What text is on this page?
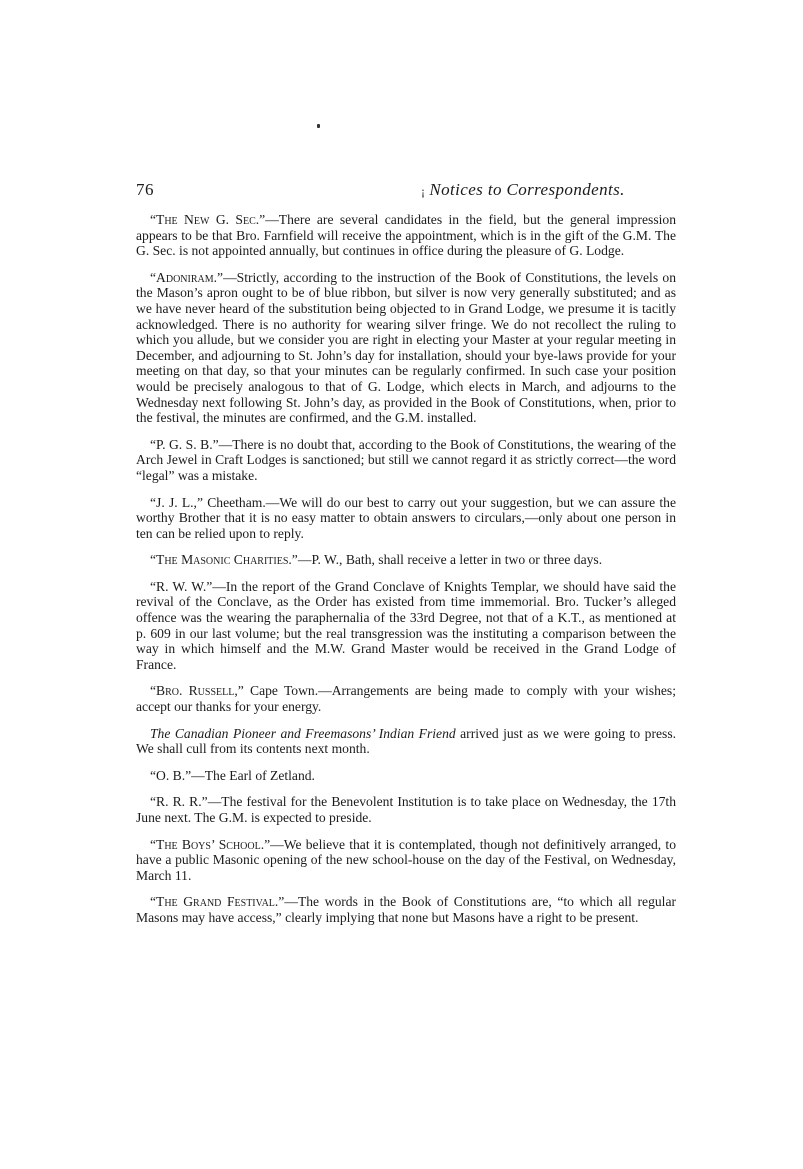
76	¡ Notices to Correspondents.

“The New G. Sec.”—There are several candidates in the field, but the general impression appears to be that Bro. Farnfield will receive the appointment, which is in the gift of the G.M. The G. Sec. is not appointed annually, but continues in office during the pleasure of G. Lodge.

“Adoniram.”—Strictly, according to the instruction of the Book of Constitutions, the levels on the Mason’s apron ought to be of blue ribbon, but silver is now very generally substituted; and as we have never heard of the substitution being objected to in Grand Lodge, we presume it is tacitly acknowledged. There is no authority for wearing silver fringe. We do not recollect the ruling to which you allude, but we consider you are right in electing your Master at your regular meeting in December, and adjourning to St. John’s day for installation, should your bye-laws provide for your meeting on that day, so that your minutes can be regularly confirmed. In such case your position would be precisely analogous to that of G. Lodge, which elects in March, and adjourns to the Wednesday next following St. John’s day, as provided in the Book of Constitutions, when, prior to the festival, the minutes are confirmed, and the G.M. installed.

“P. G. S. B.”—There is no doubt that, according to the Book of Constitutions, the wearing of the Arch Jewel in Craft Lodges is sanctioned; but still we cannot regard it as strictly correct—the word “legal” was a mistake.

“J. J. L.,” Cheetham.—We will do our best to carry out your suggestion, but we can assure the worthy Brother that it is no easy matter to obtain answers to circulars,—only about one person in ten can be relied upon to reply.

“The Masonic Charities.”—P. W., Bath, shall receive a letter in two or three days.

“R. W. W.”—In the report of the Grand Conclave of Knights Templar, we should have said the revival of the Conclave, as the Order has existed from time immemorial. Bro. Tucker’s alleged offence was the wearing the paraphernalia of the 33rd Degree, not that of a K.T., as mentioned at p. 609 in our last volume; but the real transgression was the instituting a comparison between the way in which himself and the M.W. Grand Master would be received in the Grand Lodge of France.

“Bro. Russell,” Cape Town.—Arrangements are being made to comply with your wishes; accept our thanks for your energy.

The Canadian Pioneer and Freemasons’ Indian Friend arrived just as we were going to press. We shall cull from its contents next month.

“O. B.”—The Earl of Zetland.

“R. R. R.”—The festival for the Benevolent Institution is to take place on Wednesday, the 17th June next. The G.M. is expected to preside.

“The Boys’ School.”—We believe that it is contemplated, though not definitively arranged, to have a public Masonic opening of the new school-house on the day of the Festival, on Wednesday, March 11.

“The Grand Festival.”—The words in the Book of Constitutions are, “to which all regular Masons may have access,” clearly implying that none but Masons have a right to be present.
